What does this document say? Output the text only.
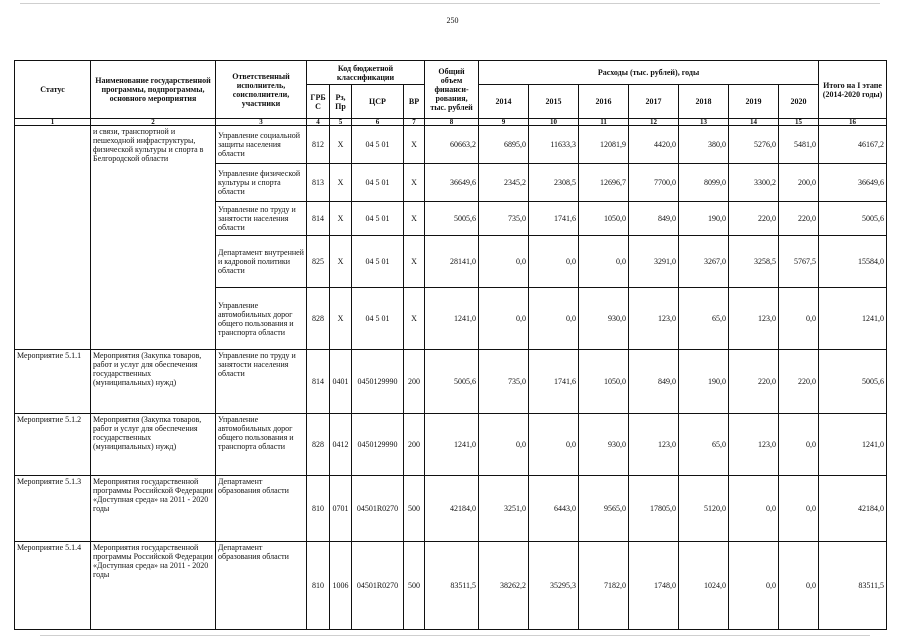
250
Статус	Наименование государственной программы, подпрограммы, основного мероприятия	Ответственный исполнитель, соисполнители, участники	Код бюджетной классификации				Общий объем финанси-рования, тыс. рублей	Расходы (тыс. рублей), годы							Итого на I этапе (2014-2020 годы)
			ГРБ С	Рз, Пр	ЦСР	ВР		2014	2015	2016	2017	2018	2019	2020	
1	2	3	4	5	6	7	8	9	10	11	12	13	14	15	16
	и связи, транспортной и пешеходной инфраструктуры, физической культуры и спорта в Белгородской области	Управление социальной защиты населения области	812	Х	04 5 01	Х	60663,2	6895,0	11633,3	12081,9	4420,0	380,0	5276,0	5481,0	46167,2
		Управление физической культуры и спорта области	813	Х	04 5 01	Х	36649,6	2345,2	2308,5	12696,7	7700,0	8099,0	3300,2	200,0	36649,6
		Управление по труду и занятости населения области	814	Х	04 5 01	Х	5005,6	735,0	1741,6	1050,0	849,0	190,0	220,0	220,0	5005,6
		Департамент внутренней и кадровой политики области	825	Х	04 5 01	Х	28141,0	0,0	0,0	0,0	3291,0	3267,0	3258,5	5767,5	15584,0
		Управление автомобильных дорог общего пользования и транспорта области	828	Х	04 5 01	Х	1241,0	0,0	0,0	930,0	123,0	65,0	123,0	0,0	1241,0
Мероприятие 5.1.1	Мероприятия (Закупка товаров, работ и услуг для обеспечения государственных (муниципальных) нужд)	Управление по труду и занятости населения области	814	0401	0450129990	200	5005,6	735,0	1741,6	1050,0	849,0	190,0	220,0	220,0	5005,6
Мероприятие 5.1.2	Мероприятия (Закупка товаров, работ и услуг для обеспечения государственных (муниципальных) нужд)	Управление автомобильных дорог общего пользования и транспорта области	828	0412	0450129990	200	1241,0	0,0	0,0	930,0	123,0	65,0	123,0	0,0	1241,0
Мероприятие 5.1.3	Мероприятия государственной программы Российской Федерации «Доступная среда» на 2011 - 2020 годы	Департамент образования области	810	0701	04501R0270	500	42184,0	3251,0	6443,0	9565,0	17805,0	5120,0	0,0	0,0	42184,0
Мероприятие 5.1.4	Мероприятия государственной программы Российской Федерации «Доступная среда» на 2011 - 2020 годы	Департамент образования области	810	1006	04501R0270	500	83511,5	38262,2	35295,3	7182,0	1748,0	1024,0	0,0	0,0	83511,5
